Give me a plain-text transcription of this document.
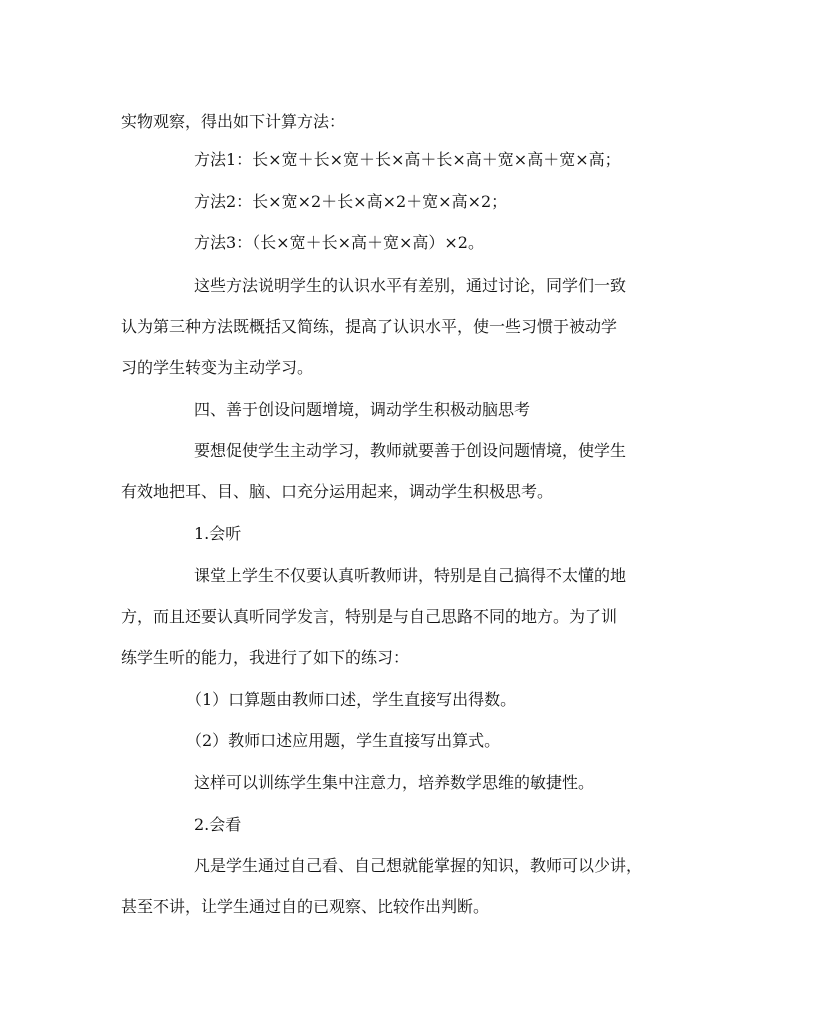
实物观察，得出如下计算方法：

方法1：长×宽＋长×宽＋长×高＋长×高＋宽×高＋宽×高；

方法2：长×宽×2＋长×高×2＋宽×高×2；

方法3：（长×宽＋长×高＋宽×高）×2。

这些方法说明学生的认识水平有差别，通过讨论，同学们一致

认为第三种方法既概括又简练，提高了认识水平，使一些习惯于被动学

习的学生转变为主动学习。

四、善于创设问题增境，调动学生积极动脑思考

要想促使学生主动学习，教师就要善于创设问题情境，使学生

有效地把耳、目、脑、口充分运用起来，调动学生积极思考。

1.会听

课堂上学生不仅要认真听教师讲，特别是自己搞得不太懂的地

方，而且还要认真听同学发言，特别是与自己思路不同的地方。为了训

练学生听的能力，我进行了如下的练习：

（1）口算题由教师口述，学生直接写出得数。

（2）教师口述应用题，学生直接写出算式。

这样可以训练学生集中注意力，培养数学思维的敏捷性。

2.会看

凡是学生通过自己看、自己想就能掌握的知识，教师可以少讲，

甚至不讲，让学生通过自的已观察、比较作出判断。
